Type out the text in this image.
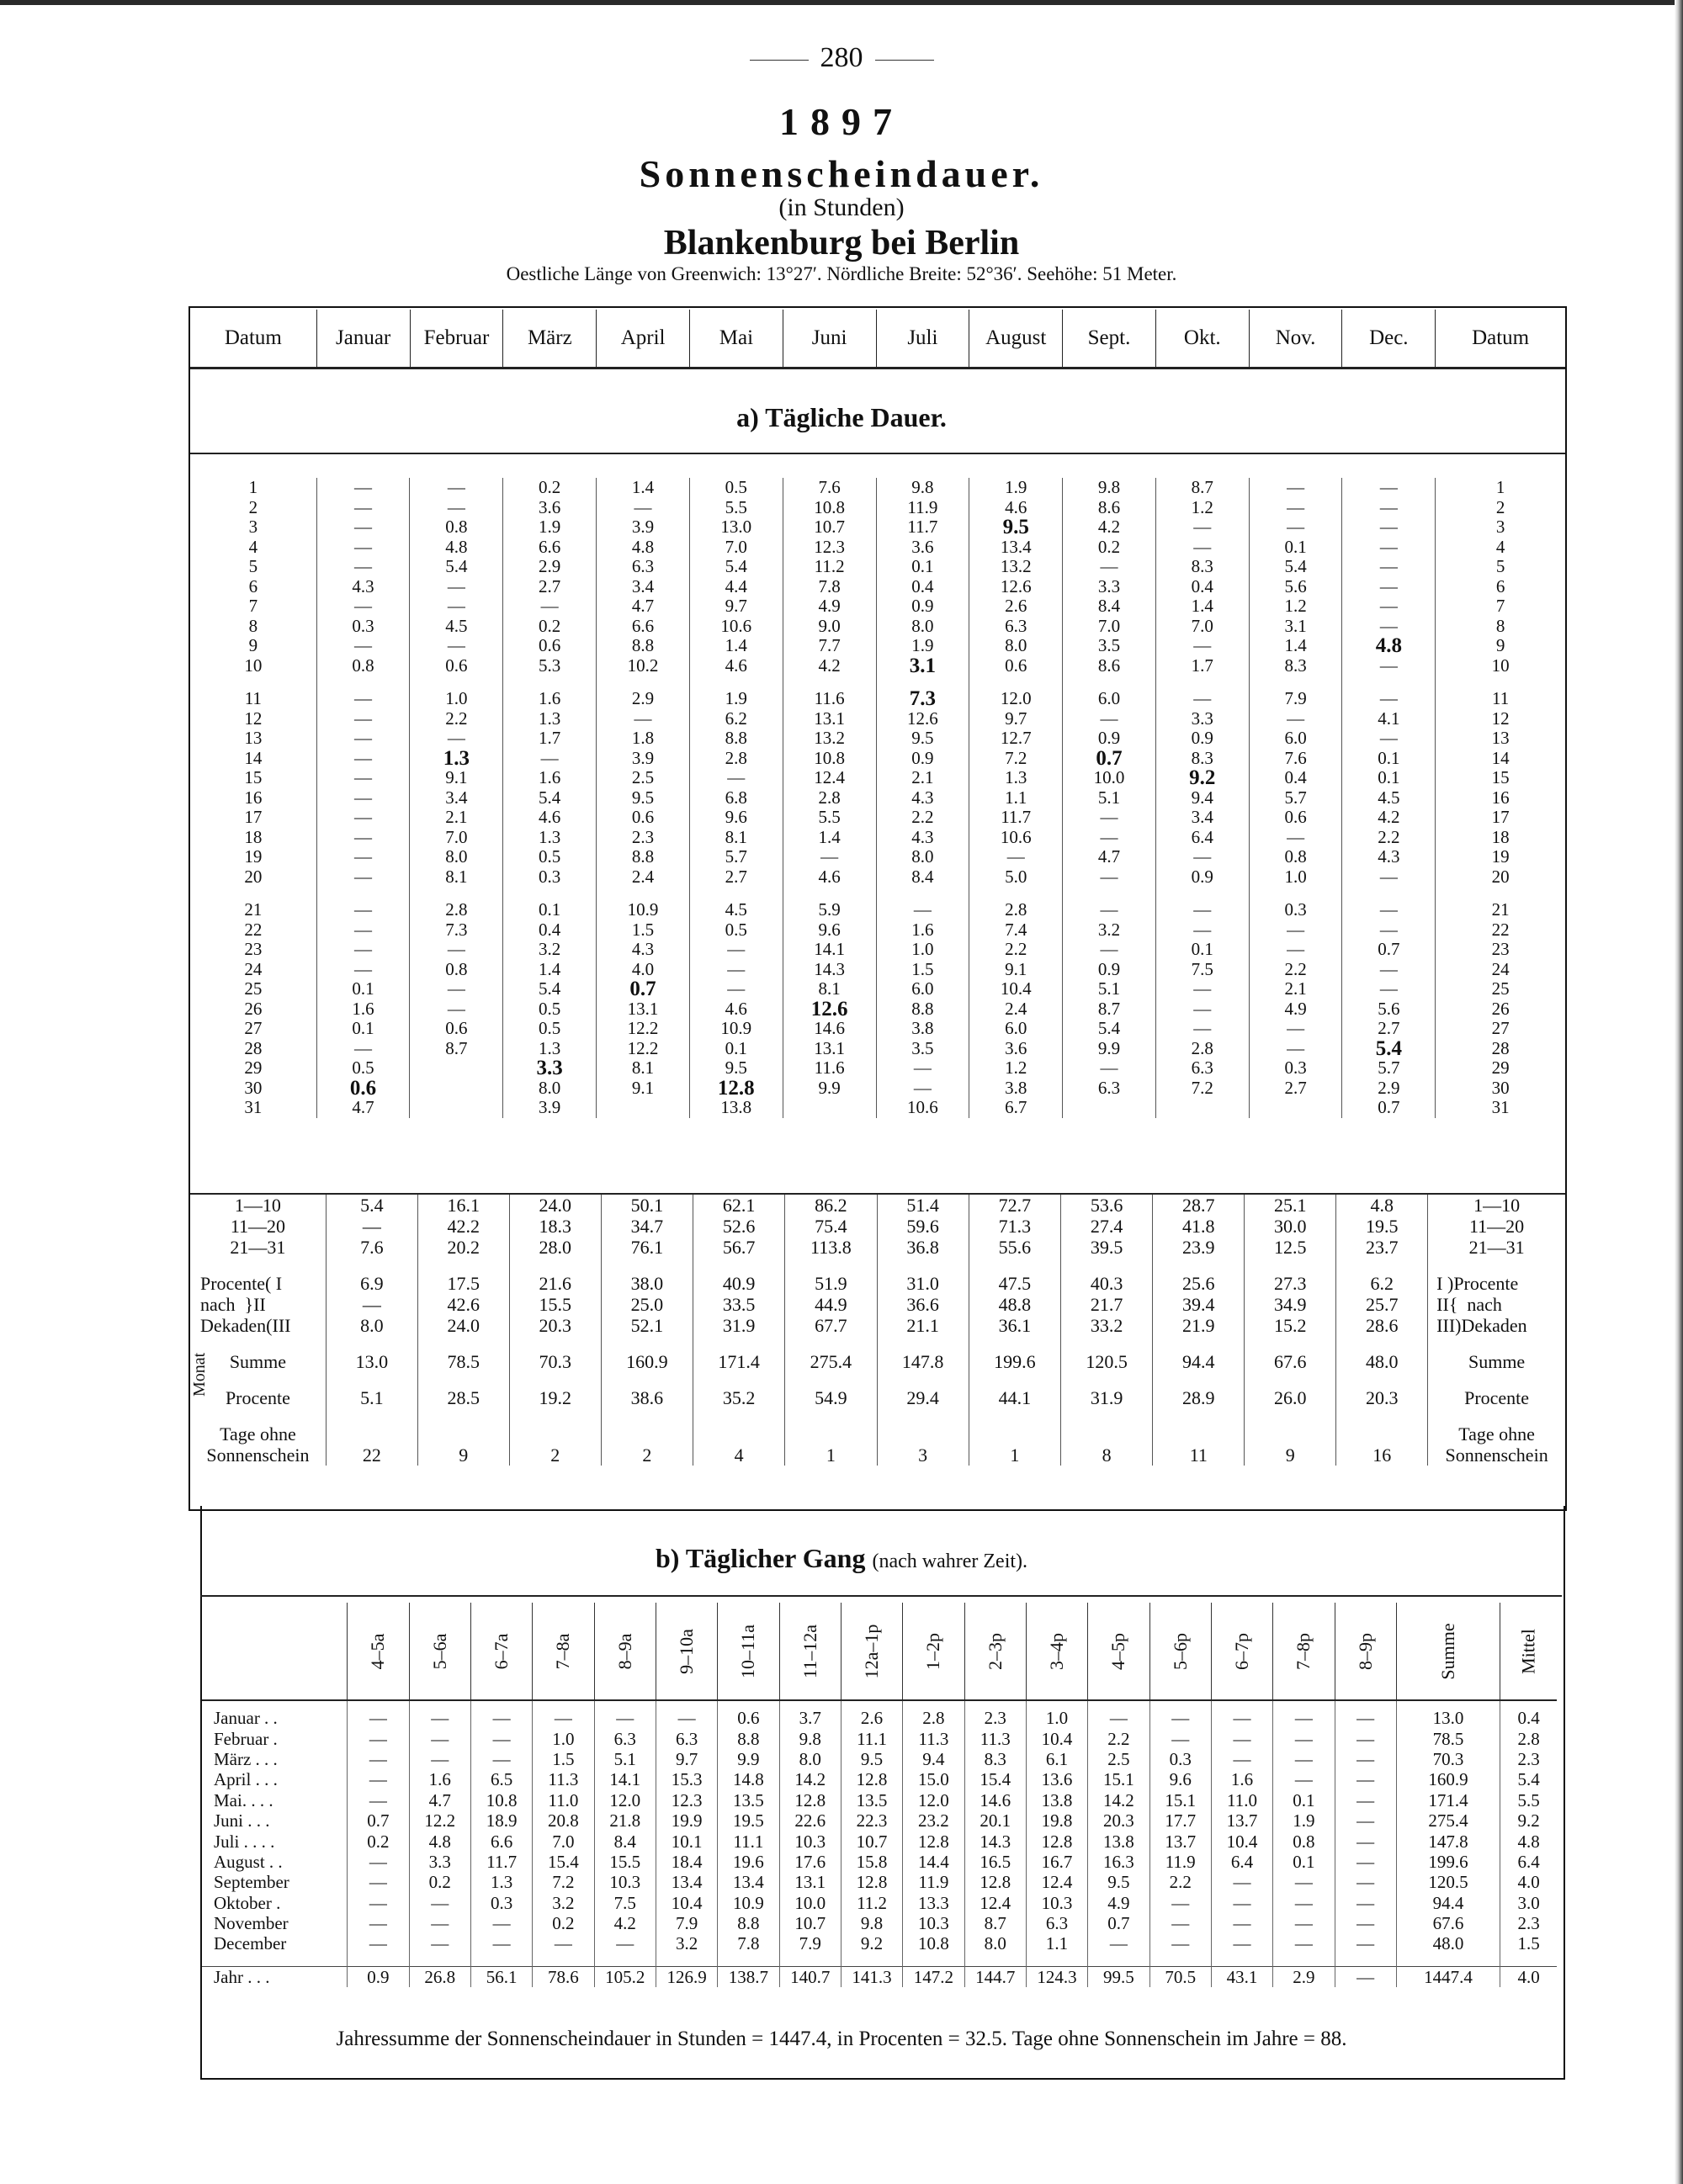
280
1897
Sonnenscheindauer.
(in Stunden)
Blankenburg bei Berlin
Oestliche Länge von Greenwich: 13°27′. Nördliche Breite: 52°36′. Seehöhe: 51 Meter.
Datum	Januar	Februar	März	April	Mai	Juni	Juli	August	Sept.	Okt.	Nov.	Dec.	Datum
a) Tägliche Dauer.
1	—	—	0.2	1.4	0.5	7.6	9.8	1.9	9.8	8.7	—	—	1
2	—	—	3.6	—	5.5	10.8	11.9	4.6	8.6	1.2	—	—	2
3	—	0.8	1.9	3.9	13.0	10.7	11.7	9.5	4.2	—	—	—	3
4	—	4.8	6.6	4.8	7.0	12.3	3.6	13.4	0.2	—	0.1	—	4
5	—	5.4	2.9	6.3	5.4	11.2	0.1	13.2	—	8.3	5.4	—	5
6	4.3	—	2.7	3.4	4.4	7.8	0.4	12.6	3.3	0.4	5.6	—	6
7	—	—	—	4.7	9.7	4.9	0.9	2.6	8.4	1.4	1.2	—	7
8	0.3	4.5	0.2	6.6	10.6	9.0	8.0	6.3	7.0	7.0	3.1	—	8
9	—	—	0.6	8.8	1.4	7.7	1.9	8.0	3.5	—	1.4	4.8	9
10	0.8	0.6	5.3	10.2	4.6	4.2	3.1	0.6	8.6	1.7	8.3	—	10

11	—	1.0	1.6	2.9	1.9	11.6	7.3	12.0	6.0	—	7.9	—	11
12	—	2.2	1.3	—	6.2	13.1	12.6	9.7	—	3.3	—	4.1	12
13	—	—	1.7	1.8	8.8	13.2	9.5	12.7	0.9	0.9	6.0	—	13
14	—	1.3	—	3.9	2.8	10.8	0.9	7.2	0.7	8.3	7.6	0.1	14
15	—	9.1	1.6	2.5	—	12.4	2.1	1.3	10.0	9.2	0.4	0.1	15
16	—	3.4	5.4	9.5	6.8	2.8	4.3	1.1	5.1	9.4	5.7	4.5	16
17	—	2.1	4.6	0.6	9.6	5.5	2.2	11.7	—	3.4	0.6	4.2	17
18	—	7.0	1.3	2.3	8.1	1.4	4.3	10.6	—	6.4	—	2.2	18
19	—	8.0	0.5	8.8	5.7	—	8.0	—	4.7	—	0.8	4.3	19
20	—	8.1	0.3	2.4	2.7	4.6	8.4	5.0	—	0.9	1.0	—	20

21	—	2.8	0.1	10.9	4.5	5.9	—	2.8	—	—	0.3	—	21
22	—	7.3	0.4	1.5	0.5	9.6	1.6	7.4	3.2	—	—	—	22
23	—	—	3.2	4.3	—	14.1	1.0	2.2	—	0.1	—	0.7	23
24	—	0.8	1.4	4.0	—	14.3	1.5	9.1	0.9	7.5	2.2	—	24
25	0.1	—	5.4	0.7	—	8.1	6.0	10.4	5.1	—	2.1	—	25
26	1.6	—	0.5	13.1	4.6	12.6	8.8	2.4	8.7	—	4.9	5.6	26
27	0.1	0.6	0.5	12.2	10.9	14.6	3.8	6.0	5.4	—	—	2.7	27
28	—	8.7	1.3	12.2	0.1	13.1	3.5	3.6	9.9	2.8	—	5.4	28
29	0.5		3.3	8.1	9.5	11.6	—	1.2	—	6.3	0.3	5.7	29
30	0.6		8.0	9.1	12.8	9.9	—	3.8	6.3	7.2	2.7	2.9	30
31	4.7		3.9		13.8		10.6	6.7				0.7	31
1—10	5.4	16.1	24.0	50.1	62.1	86.2	51.4	72.7	53.6	28.7	25.1	4.8	1—10
11—20	—	42.2	18.3	34.7	52.6	75.4	59.6	71.3	27.4	41.8	30.0	19.5	11—20
21—31	7.6	20.2	28.0	76.1	56.7	113.8	36.8	55.6	39.5	23.9	12.5	23.7	21—31

Procente( I	6.9	17.5	21.6	38.0	40.9	51.9	31.0	47.5	40.3	25.6	27.3	6.2	I )Procente
nach  }II	—	42.6	15.5	25.0	33.5	44.9	36.6	48.8	21.7	39.4	34.9	25.7	II{  nach
Dekaden(III	8.0	24.0	20.3	52.1	31.9	67.7	21.1	36.1	33.2	21.9	15.2	28.6	III)Dekaden

Summe	13.0	78.5	70.3	160.9	171.4	275.4	147.8	199.6	120.5	94.4	67.6	48.0	Summe

Procente	5.1	28.5	19.2	38.6	35.2	54.9	29.4	44.1	31.9	28.9	26.0	20.3	Procente

Tage ohne													Tage ohne
Sonnenschein	22	9	2	2	4	1	3	1	8	11	9	16	Sonnenschein
b) Täglicher Gang (nach wahrer Zeit).

	4–5a	5–6a	6–7a	7–8a	8–9a	9–10a	10–11a	11–12a	12a–1p	1–2p	2–3p	3–4p	4–5p	5–6p	6–7p	7–8p	8–9p	Summe	Mittel

Januar . .	—	—	—	—	—	—	0.6	3.7	2.6	2.8	2.3	1.0	—	—	—	—	—	13.0	0.4
Februar .	—	—	—	1.0	6.3	6.3	8.8	9.8	11.1	11.3	11.3	10.4	2.2	—	—	—	—	78.5	2.8
März . . .	—	—	—	1.5	5.1	9.7	9.9	8.0	9.5	9.4	8.3	6.1	2.5	0.3	—	—	—	70.3	2.3
April . . .	—	1.6	6.5	11.3	14.1	15.3	14.8	14.2	12.8	15.0	15.4	13.6	15.1	9.6	1.6	—	—	160.9	5.4
Mai. . . .	—	4.7	10.8	11.0	12.0	12.3	13.5	12.8	13.5	12.0	14.6	13.8	14.2	15.1	11.0	0.1	—	171.4	5.5
Juni . . .	0.7	12.2	18.9	20.8	21.8	19.9	19.5	22.6	22.3	23.2	20.1	19.8	20.3	17.7	13.7	1.9	—	275.4	9.2
Juli . . . .	0.2	4.8	6.6	7.0	8.4	10.1	11.1	10.3	10.7	12.8	14.3	12.8	13.8	13.7	10.4	0.8	—	147.8	4.8
August . .	—	3.3	11.7	15.4	15.5	18.4	19.6	17.6	15.8	14.4	16.5	16.7	16.3	11.9	6.4	0.1	—	199.6	6.4
September	—	0.2	1.3	7.2	10.3	13.4	13.4	13.1	12.8	11.9	12.8	12.4	9.5	2.2	—	—	—	120.5	4.0
Oktober .	—	—	0.3	3.2	7.5	10.4	10.9	10.0	11.2	13.3	12.4	10.3	4.9	—	—	—	—	94.4	3.0
November	—	—	—	0.2	4.2	7.9	8.8	10.7	9.8	10.3	8.7	6.3	0.7	—	—	—	—	67.6	2.3
December	—	—	—	—	—	3.2	7.8	7.9	9.2	10.8	8.0	1.1	—	—	—	—	—	48.0	1.5

Jahr . . .	0.9	26.8	56.1	78.6	105.2	126.9	138.7	140.7	141.3	147.2	144.7	124.3	99.5	70.5	43.1	2.9	—	1447.4	4.0
Jahressumme der Sonnenscheindauer in Stunden = 1447.4, in Procenten = 32.5. Tage ohne Sonnenschein im Jahre = 88.
Monat
